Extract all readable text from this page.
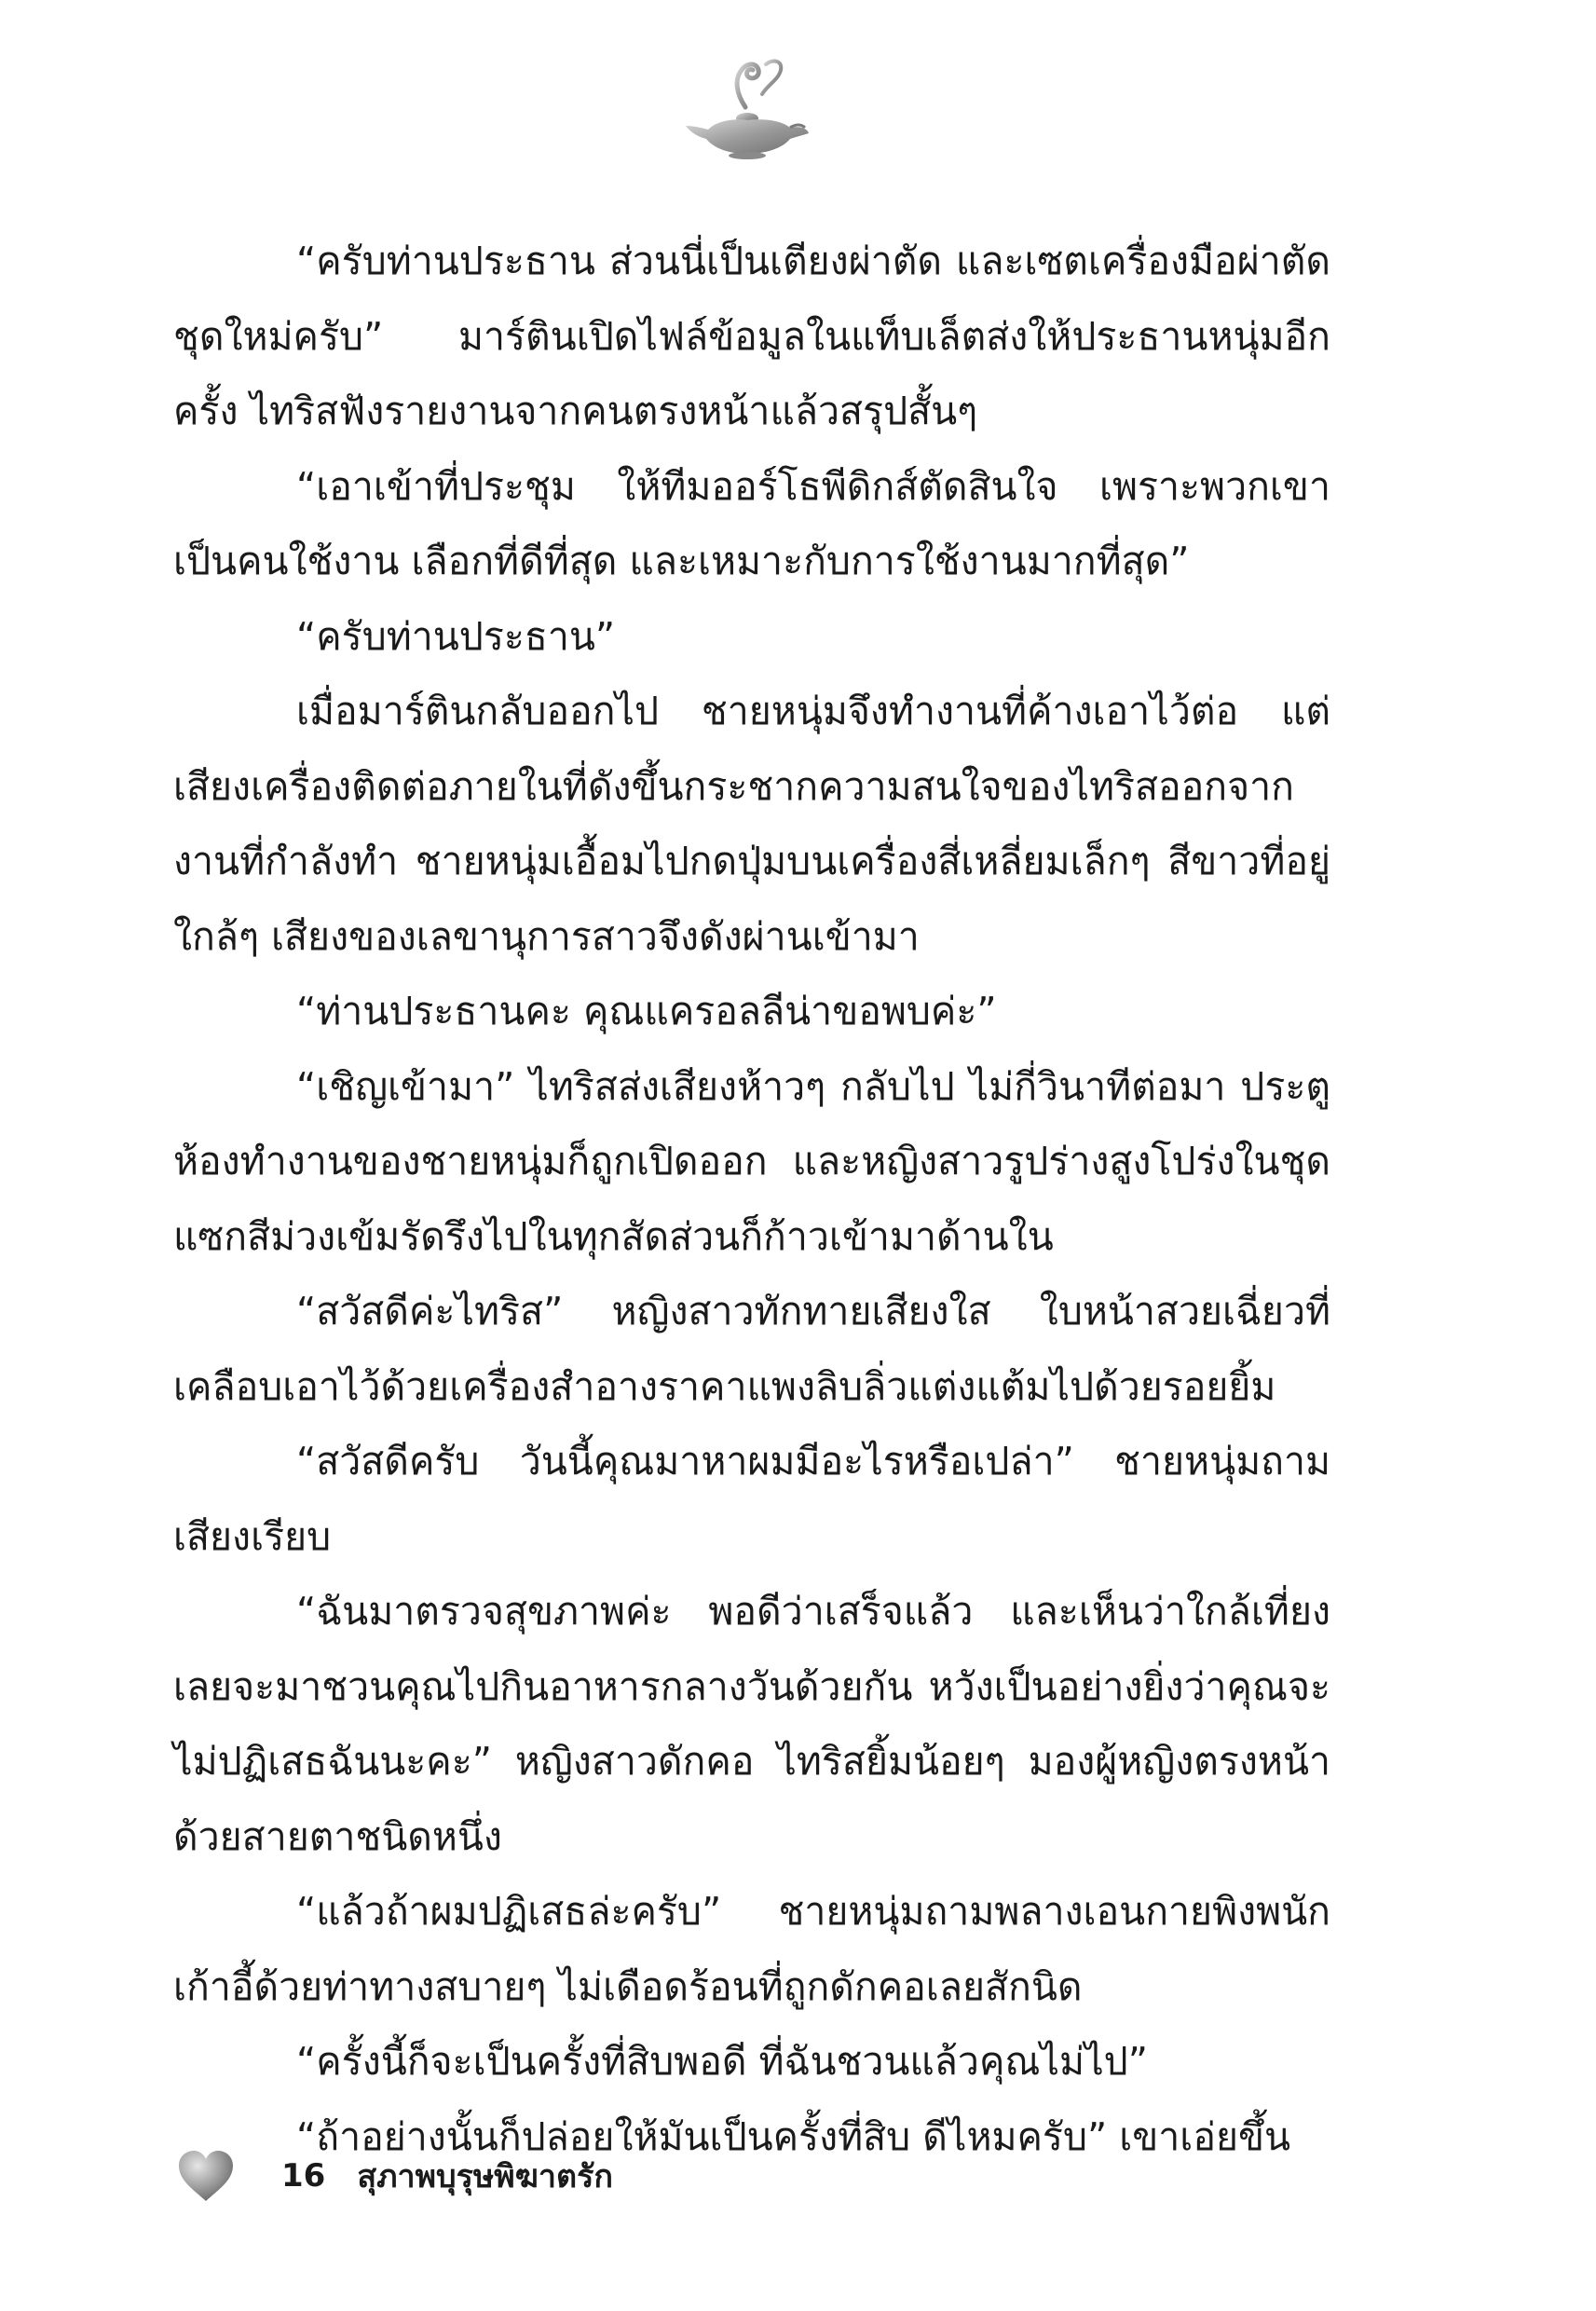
“ครับท่านประธาน ส่วนนี่เป็นเตียงผ่าตัด และเซตเครื่องมือผ่าตัดชุดใหม่ครับ” มาร์ตินเปิดไฟล์ข้อมูลในแท็บเล็ตส่งให้ประธานหนุ่มอีกครั้ง ไทริสฟังรายงานจากคนตรงหน้าแล้วสรุปสั้นๆ

“เอาเข้าที่ประชุม ให้ทีมออร์โธพีดิกส์ตัดสินใจ เพราะพวกเขาเป็นคนใช้งาน เลือกที่ดีที่สุด และเหมาะกับการใช้งานมากที่สุด”

“ครับท่านประธาน”

เมื่อมาร์ตินกลับออกไป ชายหนุ่มจึงทำงานที่ค้างเอาไว้ต่อ แต่เสียงเครื่องติดต่อภายในที่ดังขึ้นกระชากความสนใจของไทริสออกจากงานที่กำลังทำ ชายหนุ่มเอื้อมไปกดปุ่มบนเครื่องสี่เหลี่ยมเล็กๆ สีขาวที่อยู่ใกล้ๆ เสียงของเลขานุการสาวจึงดังผ่านเข้ามา

“ท่านประธานคะ คุณแครอลลีน่าขอพบค่ะ”

“เชิญเข้ามา” ไทริสส่งเสียงห้าวๆ กลับไป ไม่กี่วินาทีต่อมา ประตูห้องทำงานของชายหนุ่มก็ถูกเปิดออก และหญิงสาวรูปร่างสูงโปร่งในชุดแซกสีม่วงเข้มรัดรึงไปในทุกสัดส่วนก็ก้าวเข้ามาด้านใน

“สวัสดีค่ะไทริส” หญิงสาวทักทายเสียงใส ใบหน้าสวยเฉี่ยวที่เคลือบเอาไว้ด้วยเครื่องสำอางราคาแพงลิบลิ่วแต่งแต้มไปด้วยรอยยิ้ม

“สวัสดีครับ วันนี้คุณมาหาผมมีอะไรหรือเปล่า” ชายหนุ่มถามเสียงเรียบ

“ฉันมาตรวจสุขภาพค่ะ พอดีว่าเสร็จแล้ว และเห็นว่าใกล้เที่ยงเลยจะมาชวนคุณไปกินอาหารกลางวันด้วยกัน หวังเป็นอย่างยิ่งว่าคุณจะไม่ปฏิเสธฉันนะคะ” หญิงสาวดักคอ ไทริสยิ้มน้อยๆ มองผู้หญิงตรงหน้าด้วยสายตาชนิดหนึ่ง

“แล้วถ้าผมปฏิเสธล่ะครับ” ชายหนุ่มถามพลางเอนกายพิงพนักเก้าอี้ด้วยท่าทางสบายๆ ไม่เดือดร้อนที่ถูกดักคอเลยสักนิด

“ครั้งนี้ก็จะเป็นครั้งที่สิบพอดี ที่ฉันชวนแล้วคุณไม่ไป”

“ถ้าอย่างนั้นก็ปล่อยให้มันเป็นครั้งที่สิบ ดีไหมครับ” เขาเอ่ยขึ้น

16 สุภาพบุรุษพิฆาตรัก
